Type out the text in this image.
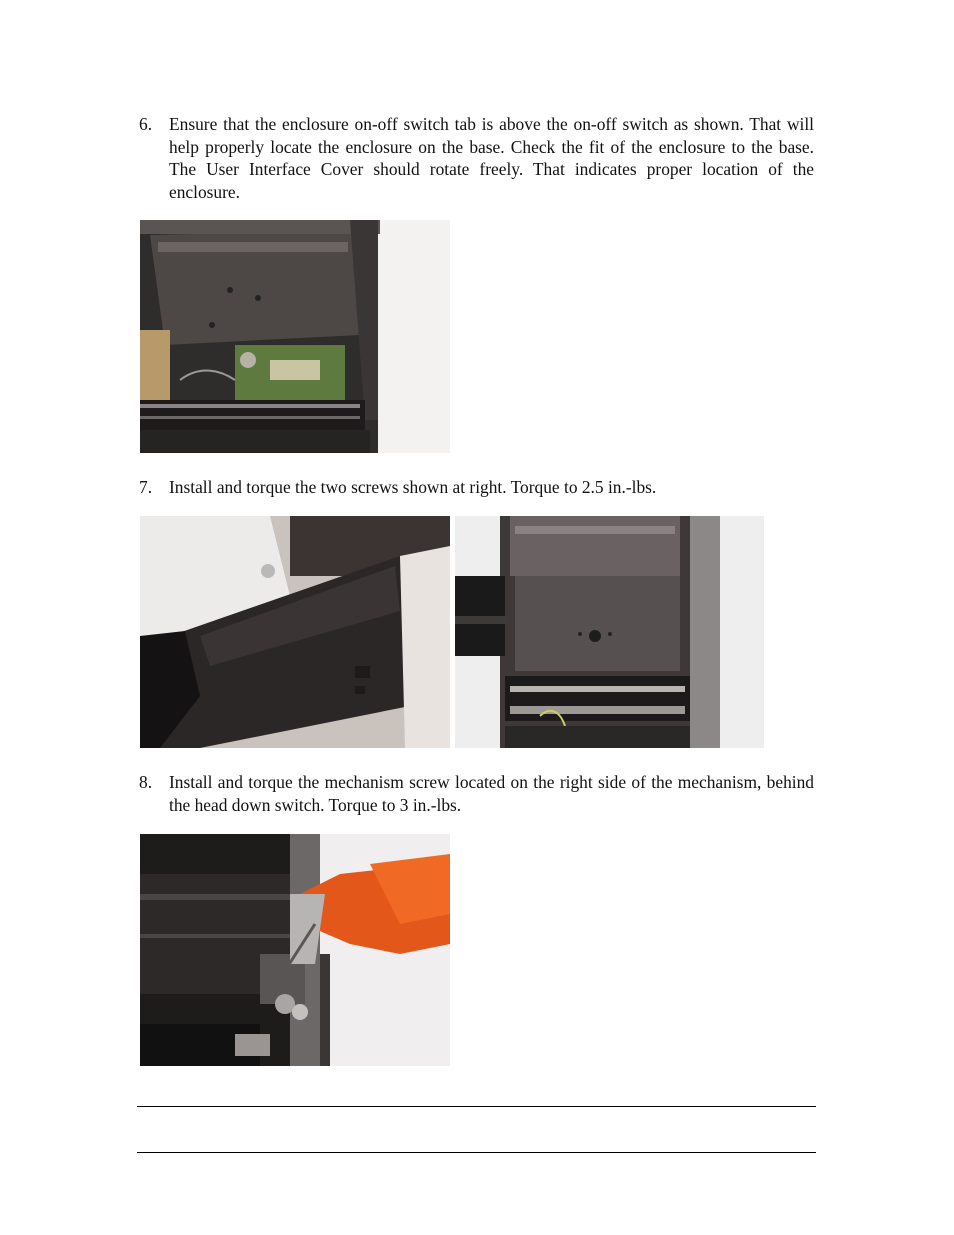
6. Ensure that the enclosure on-off switch tab is above the on-off switch as shown. That will help properly locate the enclosure on the base. Check the fit of the enclosure to the base. The User Interface Cover should rotate freely. That indicates proper location of the enclosure.
7. Install and torque the two screws shown at right. Torque to 2.5 in.-lbs.
8. Install and torque the mechanism screw located on the right side of the mechanism, behind the head down switch. Torque to 3 in.-lbs.
